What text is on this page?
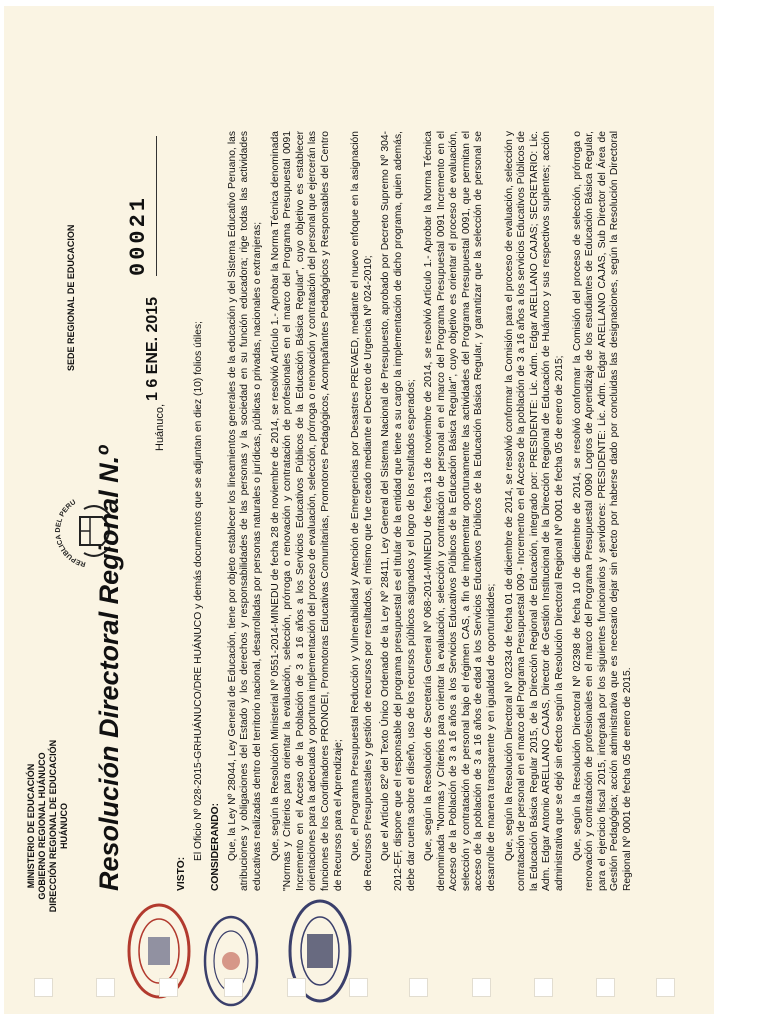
MINISTERIO DE EDUCACIÓN GOBIERNO REGIONAL HUÁNUCO DIRECCIÓN REGIONAL DE EDUCACIÓN HUÁNUCO
REPUBLICA DEL PERU
SEDE REGIONAL DE EDUCACION
Resolución Directoral Regional N.º
00021
Huánuco,
1 6 ENE. 2015

VISTO:

El Oficio Nº 028-2015-GRHUÁNUCO/DRE HUÁNUCO y demás documentos que se adjuntan en diez (10) folios útiles; CONSIDERANDO: Que, la Ley Nº 28044, Ley General de Educación, tiene por objeto establecer los lineamientos generales de la educación y del Sistema Educativo Peruano, las atribuciones y obligaciones del Estado y los derechos y responsabilidades de las personas y la sociedad en su función educadora; rige todas las actividades educativas realizadas dentro del territorio nacional, desarrolladas por personas naturales o jurídicas, públicas o privadas, nacionales o extranjeras; Que, según la Resolución Ministerial Nº 0551-2014-MINEDU de fecha 28 de noviembre de 2014, se resolvió Artículo 1.- Aprobar la Norma Técnica denominada "Normas y Criterios para orientar la evaluación, selección, prórroga o renovación y contratación de profesionales en el marco del Programa Presupuestal 0091 Incremento en el Acceso de la Población de 3 a 16 años a los Servicios Educativos Públicos de la Educación Básica Regular", cuyo objetivo es establecer orientaciones para la adecuada y oportuna implementación del proceso de evaluación, selección, prórroga o renovación y contratación del personal que ejercerán las funciones de los Coordinadores PRONOEI, Promotoras Educativas Comunitarias, Promotores Pedagógicos, Acompañantes Pedagógicos y Responsables del Centro de Recursos para el Aprendizaje; Que, el Programa Presupuestal Reducción y Vulnerabilidad y Atención de Emergencias por Desastres PREVAED, mediante el nuevo enfoque en la asignación de Recursos Presupuestales y gestión de recursos por resultados, el mismo que fue creado mediante el Decreto de Urgencia Nº 024-2010; Que el Artículo 82º del Texto Único Ordenado de la Ley Nº 28411, Ley General del Sistema Nacional de Presupuesto, aprobado por Decreto Supremo Nº 304-2012-EF, dispone que el responsable del programa presupuestal es el titular de la entidad que tiene a su cargo la implementación de dicho programa, quien además, debe dar cuenta sobre el diseño, uso de los recursos públicos asignados y el logro de los resultados esperados; Que, según la Resolución de Secretaría General Nº 068-2014-MINEDU de fecha 13 de noviembre de 2014, se resolvió Artículo 1.- Aprobar la Norma Técnica denominada "Normas y Criterios para orientar la evaluación, selección y contratación de personal en el marco del Programa Presupuestal 0091 Incremento en el Acceso de la Población de 3 a 16 años a los Servicios Educativos Públicos de la Educación Básica Regular", cuyo objetivo es orientar el proceso de evaluación, selección y contratación de personal bajo el régimen CAS, a fin de implementar oportunamente las actividades del Programa Presupuestal 0091, que permitan el acceso de la población de 3 a 16 años de edad a los Servicios Educativos Públicos de la Educación Básica Regular, y garantizar que la selección de personal se desarrolle de manera transparente y en igualdad de oportunidades; Que, según la Resolución Directoral Nº 02334 de fecha 01 de diciembre de 2014, se resolvió conformar la Comisión para el proceso de evaluación, selección y contratación de personal en el marco del Programa Presupuestal 009 - Incremento en el Acceso de la población de 3 a 16 años a los servicios Educativos Públicos de la Educación Básica Regular 2015, de la Dirección Regional de Educación, integrado por: PRESIDENTE: Lic. Adm. Edgar ARELLANO CAJAS; SECRETARIO: Lic. Adm. Edgar Antonio ARELLANO CAJAS, Director de Gestión Institucional de la Dirección Regional de Educación de Huánuco y sus respectivos suplentes; acción administrativa que se dejó sin efecto según la Resolución Directoral Regional Nº 0001 de fecha 05 de enero de 2015; Que, según la Resolución Directoral Nº 02398 de fecha 10 de diciembre de 2014, se resolvió conformar la Comisión del proceso de selección, prórroga o renovación y contratación de profesionales en el marco del Programa Presupuestal 0090 Logros de Aprendizaje de los estudiantes de Educación Básica Regular, para el ejercicio fiscal 2015, integrada por los siguientes funcionarios y servidores: PRESIDENTE: Lic. Adm. Edgar ARELLANO CAJAS, Sub Director del Área de Gestión Pedagógica; acción administrativa que es necesario dejar sin efecto por haberse dado por concluidas las designaciones, según la Resolución Directoral Regional Nº 0001 de fecha 05 de enero de 2015.
